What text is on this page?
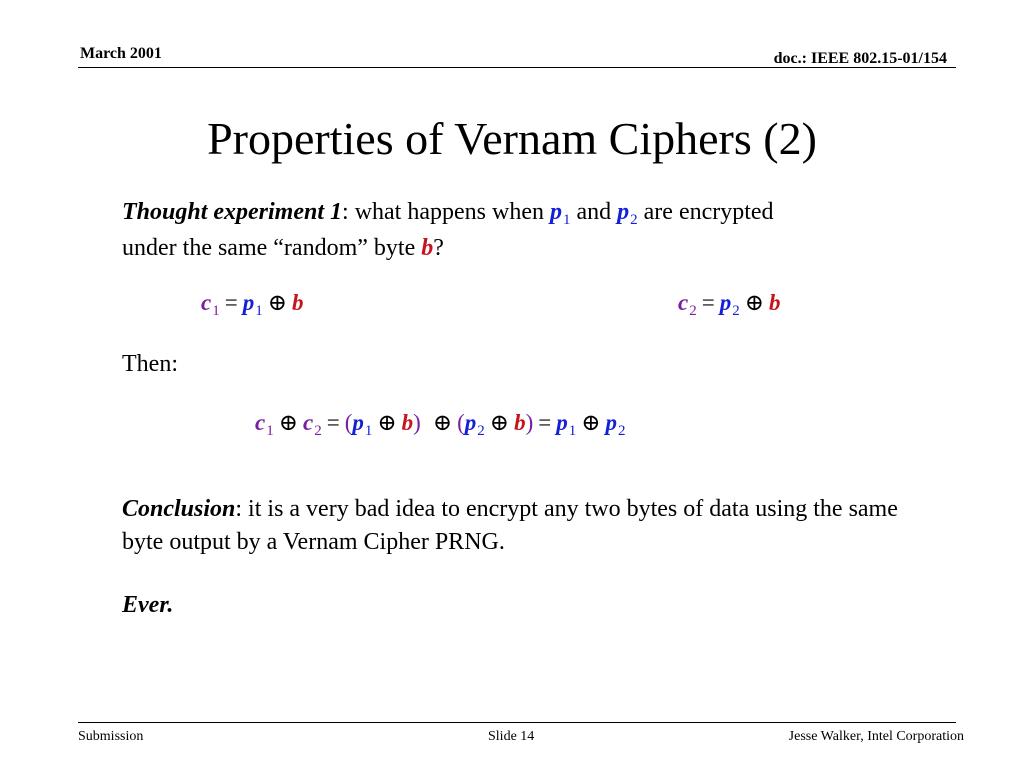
March 2001	doc.: IEEE 802.15-01/154
Properties of Vernam Ciphers (2)
Thought experiment 1: what happens when $p_1$ and $p_2$ are encrypted under the same “random” byte b?
$c_1 = p_1$ ⊕ b	$c_2 = p_2$ ⊕ b
Then:
$c_1$ ⊕ $c_2 = (p_1$ ⊕ b) ⊕ ($p_2$ ⊕ $b) = p_1$ ⊕ $p_2$
Conclusion: it is a very bad idea to encrypt any two bytes of data using the same byte output by a Vernam Cipher PRNG.
Ever.
Submission	Slide 14	Jesse Walker, Intel Corporation
